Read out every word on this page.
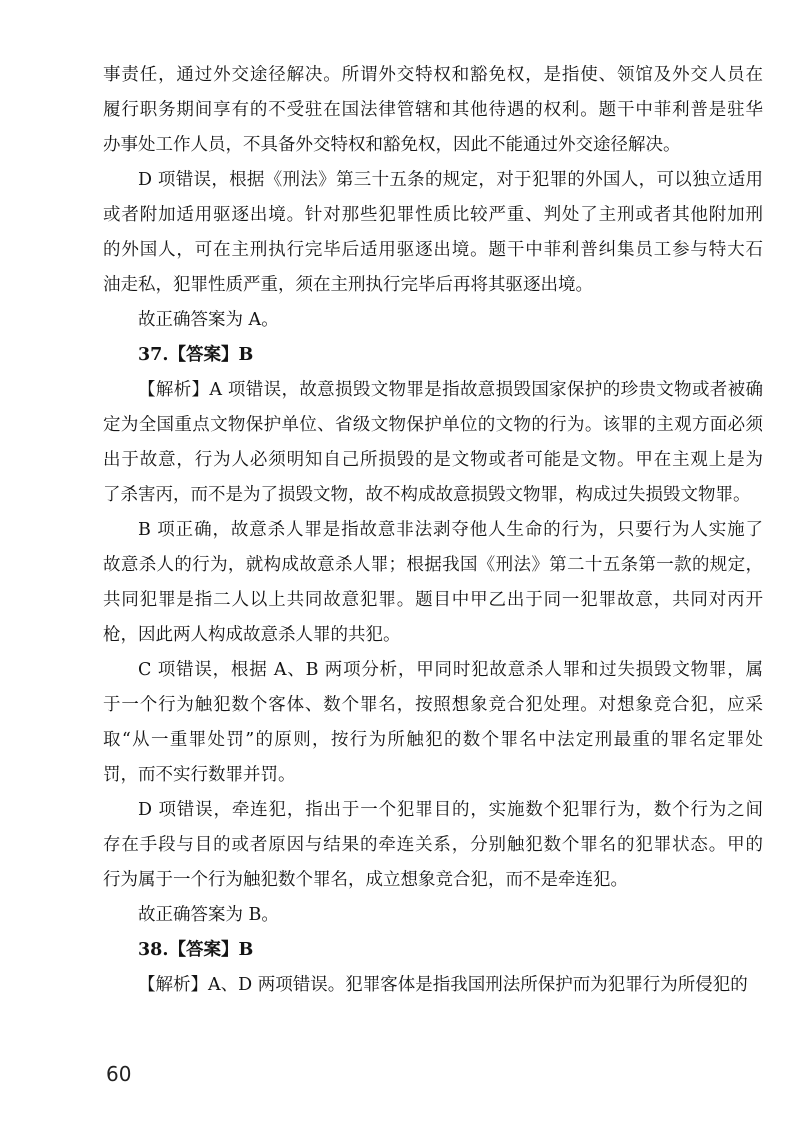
事责任，通过外交途径解决。所谓外交特权和豁免权，是指使、领馆及外交人员在
履行职务期间享有的不受驻在国法律管辖和其他待遇的权利。题干中菲利普是驻华
办事处工作人员，不具备外交特权和豁免权，因此不能通过外交途径解决。
D 项错误，根据《刑法》第三十五条的规定，对于犯罪的外国人，可以独立适用
或者附加适用驱逐出境。针对那些犯罪性质比较严重、判处了主刑或者其他附加刑
的外国人，可在主刑执行完毕后适用驱逐出境。题干中菲利普纠集员工参与特大石
油走私，犯罪性质严重，须在主刑执行完毕后再将其驱逐出境。
故正确答案为 A。
37.【答案】B
【解析】A 项错误，故意损毁文物罪是指故意损毁国家保护的珍贵文物或者被确
定为全国重点文物保护单位、省级文物保护单位的文物的行为。该罪的主观方面必须
出于故意，行为人必须明知自己所损毁的是文物或者可能是文物。甲在主观上是为
了杀害丙，而不是为了损毁文物，故不构成故意损毁文物罪，构成过失损毁文物罪。
B 项正确，故意杀人罪是指故意非法剥夺他人生命的行为，只要行为人实施了
故意杀人的行为，就构成故意杀人罪；根据我国《刑法》第二十五条第一款的规定，
共同犯罪是指二人以上共同故意犯罪。题目中甲乙出于同一犯罪故意，共同对丙开
枪，因此两人构成故意杀人罪的共犯。
C 项错误，根据 A、B 两项分析，甲同时犯故意杀人罪和过失损毁文物罪，属
于一个行为触犯数个客体、数个罪名，按照想象竞合犯处理。对想象竞合犯，应采
取“从一重罪处罚”的原则，按行为所触犯的数个罪名中法定刑最重的罪名定罪处
罚，而不实行数罪并罚。
D 项错误，牵连犯，指出于一个犯罪目的，实施数个犯罪行为，数个行为之间
存在手段与目的或者原因与结果的牵连关系，分别触犯数个罪名的犯罪状态。甲的
行为属于一个行为触犯数个罪名，成立想象竞合犯，而不是牵连犯。
故正确答案为 B。
38.【答案】B
【解析】A、D 两项错误。犯罪客体是指我国刑法所保护而为犯罪行为所侵犯的
60
